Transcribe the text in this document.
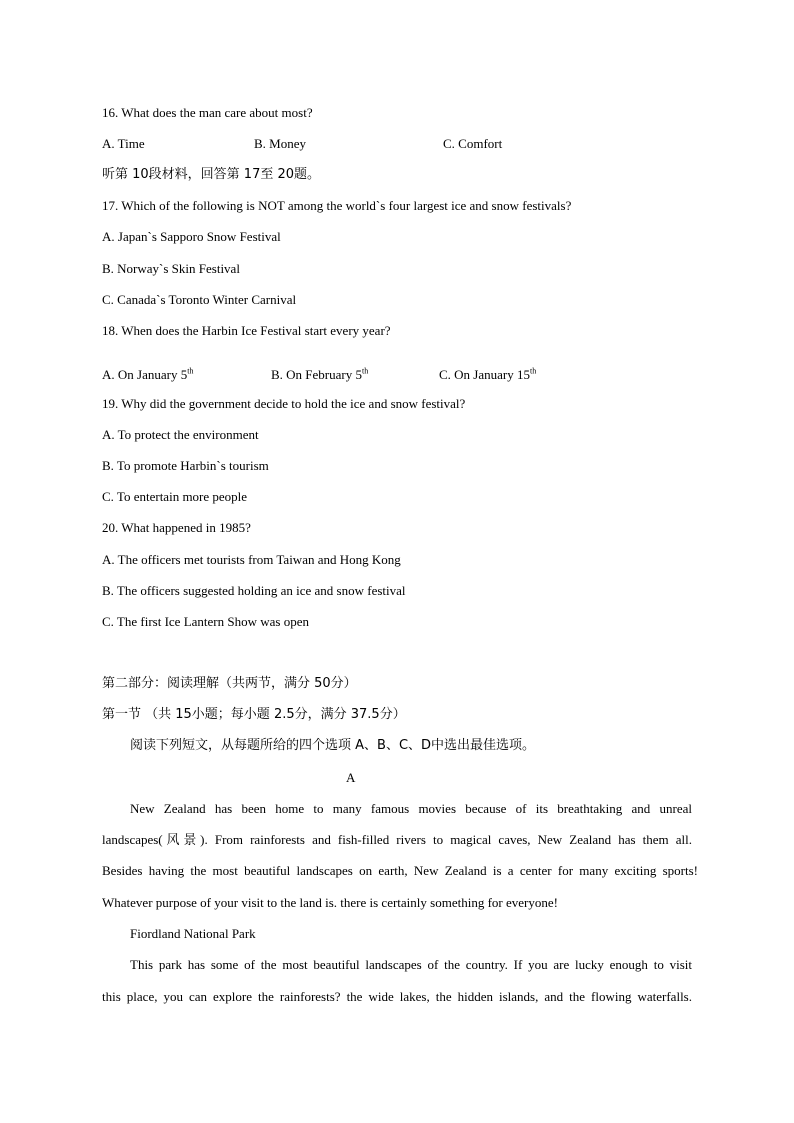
16. What does the man care about most?
A. Time	B. Money	C. Comfort
听第 10段材料，回答第 17至 20题。
17. Which of the following is NOT among the world`s four largest ice and snow festivals?
A. Japan`s Sapporo Snow Festival
B. Norway`s Skin Festival
C. Canada`s Toronto Winter Carnival
18. When does the Harbin Ice Festival start every year?
A. On January 5th	B. On February 5th	C. On January 15th
19. Why did the government decide to hold the ice and snow festival?
A. To protect the environment
B. To promote Harbin`s tourism
C. To entertain more people
20. What happened in 1985?
A. The officers met tourists from Taiwan and Hong Kong
B. The officers suggested holding an ice and snow festival
C. The first Ice Lantern Show was open
第二部分：阅读理解（共两节，满分 50分）
第一节 （共 15小题；每小题 2.5分，满分 37.5分）
阅读下列短文，从每题所给的四个选项 A、B、C、D中选出最佳选项。
A
New Zealand has been home to many famous movies because of its breathtaking and unreal
landscapes(风景). From rainforests and fish-filled rivers to magical caves, New Zealand has them all.
Besides having the most beautiful landscapes on earth, New Zealand is a center for many exciting sports!
Whatever purpose of your visit to the land is. there is certainly something for everyone!
Fiordland National Park
This park has some of the most beautiful landscapes of the country. If you are lucky enough to visit
this place, you can explore the rainforests? the wide lakes, the hidden islands, and the flowing waterfalls.
